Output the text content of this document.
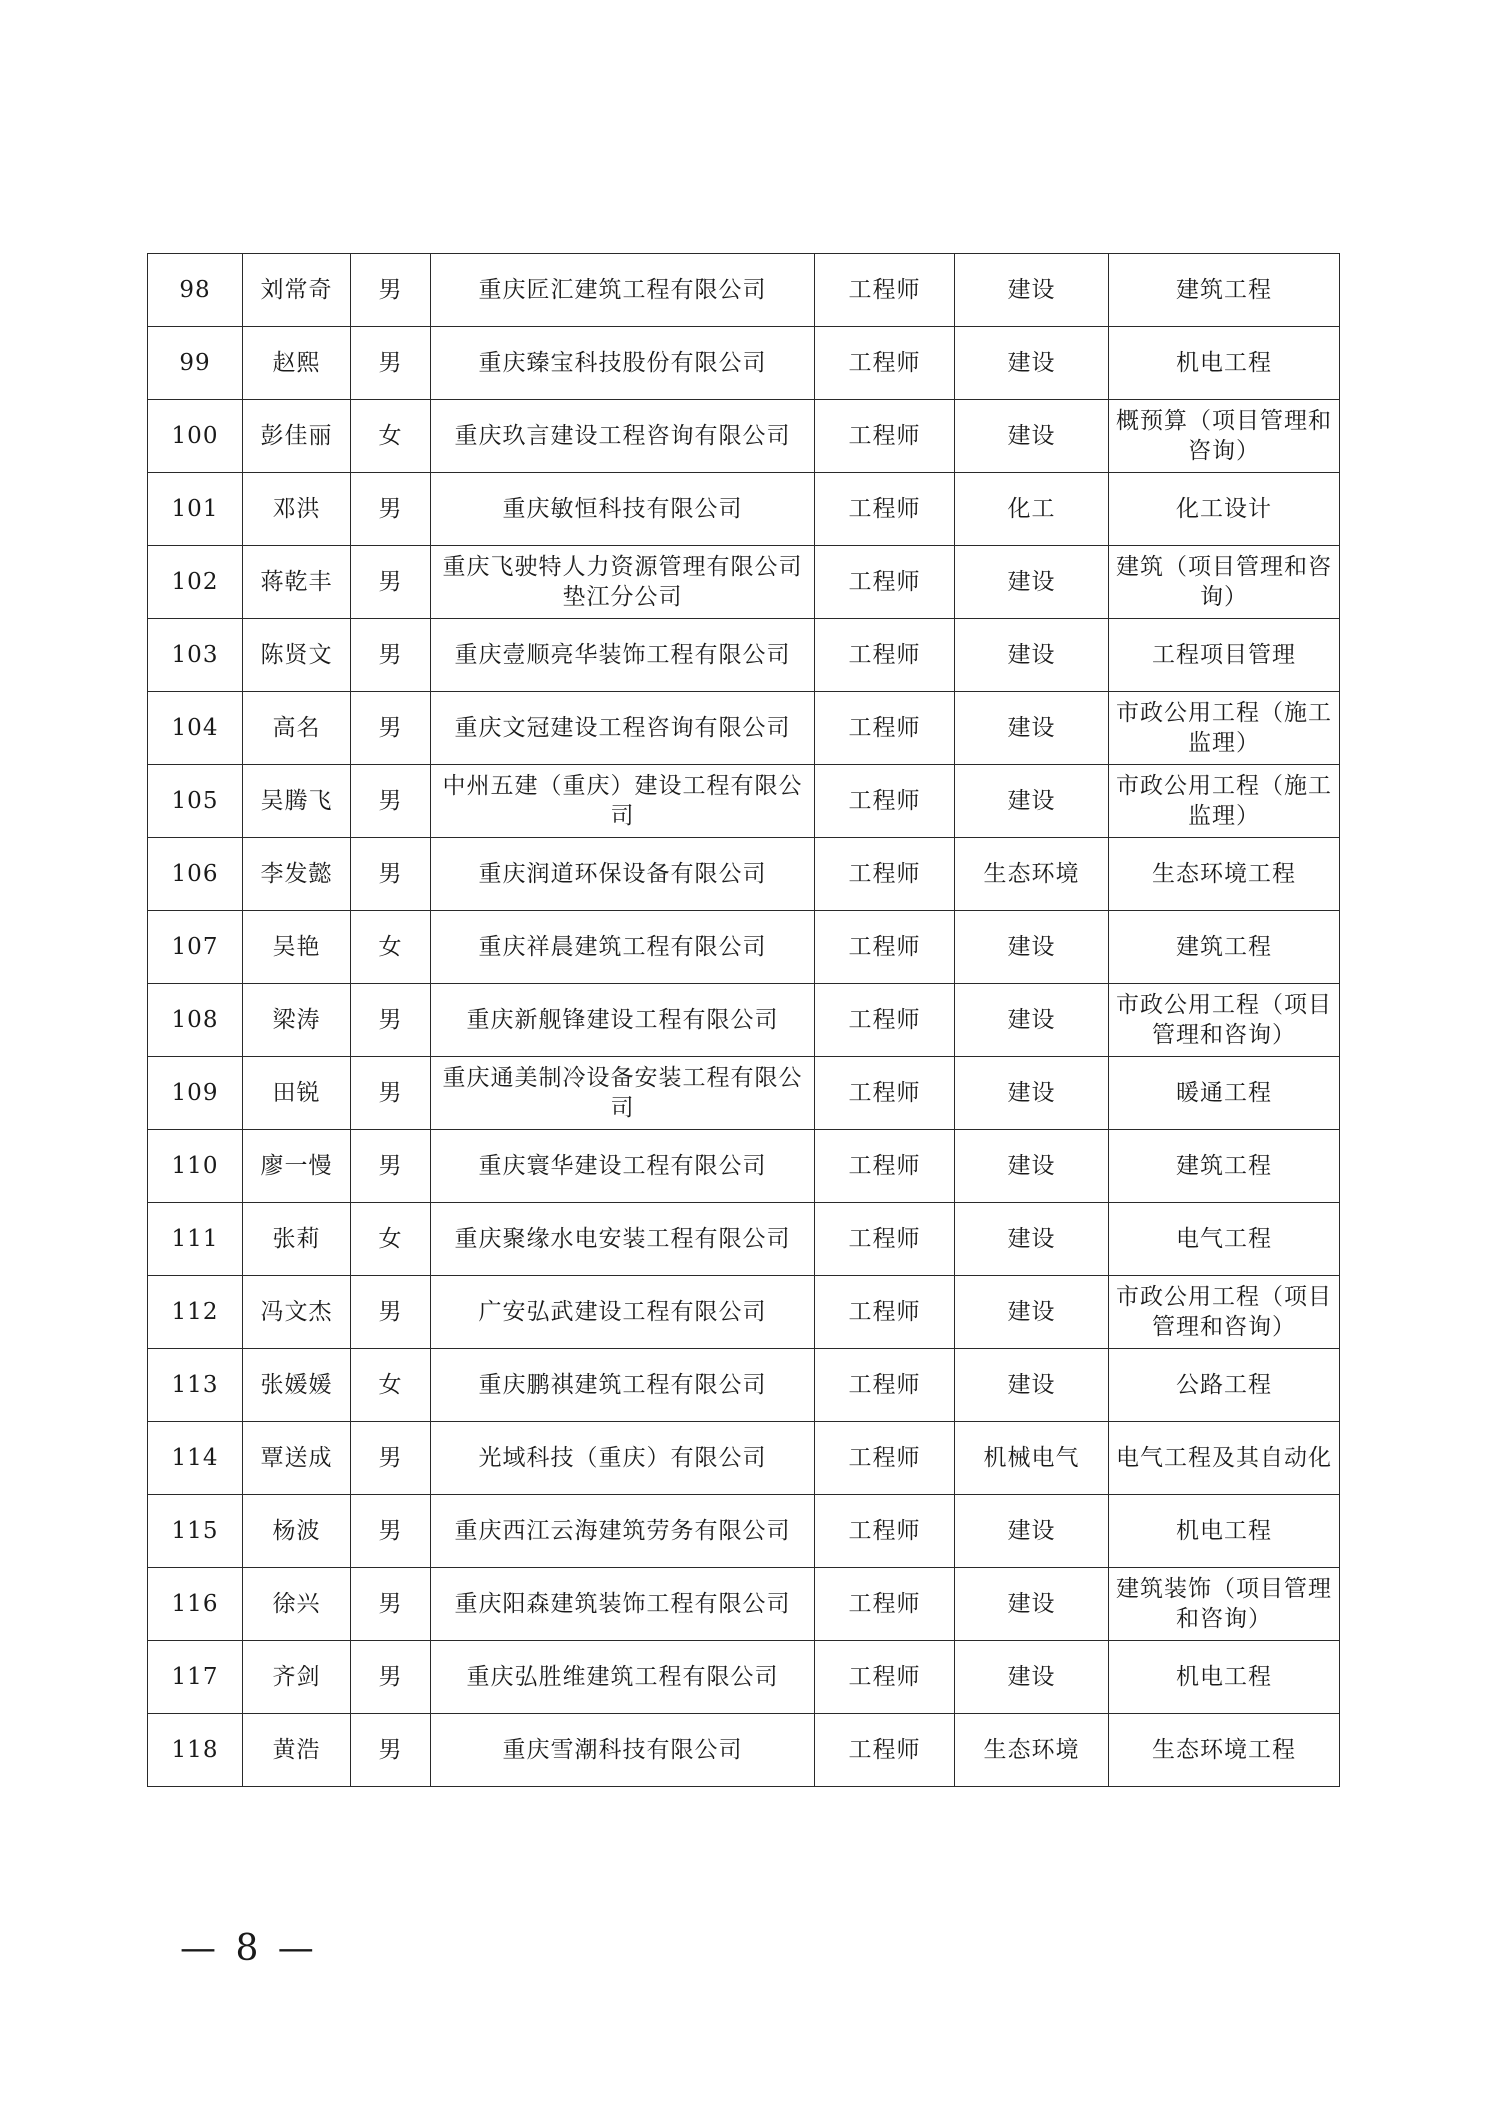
98	刘常奇	男	重庆匠汇建筑工程有限公司	工程师	建设	建筑工程
99	赵熙	男	重庆臻宝科技股份有限公司	工程师	建设	机电工程
100	彭佳丽	女	重庆玖言建设工程咨询有限公司	工程师	建设	概预算（项目管理和咨询）
101	邓洪	男	重庆敏恒科技有限公司	工程师	化工	化工设计
102	蒋乾丰	男	重庆飞驶特人力资源管理有限公司垫江分公司	工程师	建设	建筑（项目管理和咨询）
103	陈贤文	男	重庆壹顺亮华装饰工程有限公司	工程师	建设	工程项目管理
104	高名	男	重庆文冠建设工程咨询有限公司	工程师	建设	市政公用工程（施工监理）
105	吴腾飞	男	中州五建（重庆）建设工程有限公司	工程师	建设	市政公用工程（施工监理）
106	李发懿	男	重庆润道环保设备有限公司	工程师	生态环境	生态环境工程
107	吴艳	女	重庆祥晨建筑工程有限公司	工程师	建设	建筑工程
108	梁涛	男	重庆新舰锋建设工程有限公司	工程师	建设	市政公用工程（项目管理和咨询）
109	田锐	男	重庆通美制冷设备安装工程有限公司	工程师	建设	暖通工程
110	廖一慢	男	重庆寰华建设工程有限公司	工程师	建设	建筑工程
111	张莉	女	重庆聚缘水电安装工程有限公司	工程师	建设	电气工程
112	冯文杰	男	广安弘武建设工程有限公司	工程师	建设	市政公用工程（项目管理和咨询）
113	张媛媛	女	重庆鹏祺建筑工程有限公司	工程师	建设	公路工程
114	覃送成	男	光域科技（重庆）有限公司	工程师	机械电气	电气工程及其自动化
115	杨波	男	重庆西江云海建筑劳务有限公司	工程师	建设	机电工程
116	徐兴	男	重庆阳森建筑装饰工程有限公司	工程师	建设	建筑装饰（项目管理和咨询）
117	齐剑	男	重庆弘胜维建筑工程有限公司	工程师	建设	机电工程
118	黄浩	男	重庆雪潮科技有限公司	工程师	生态环境	生态环境工程
— 8 —
